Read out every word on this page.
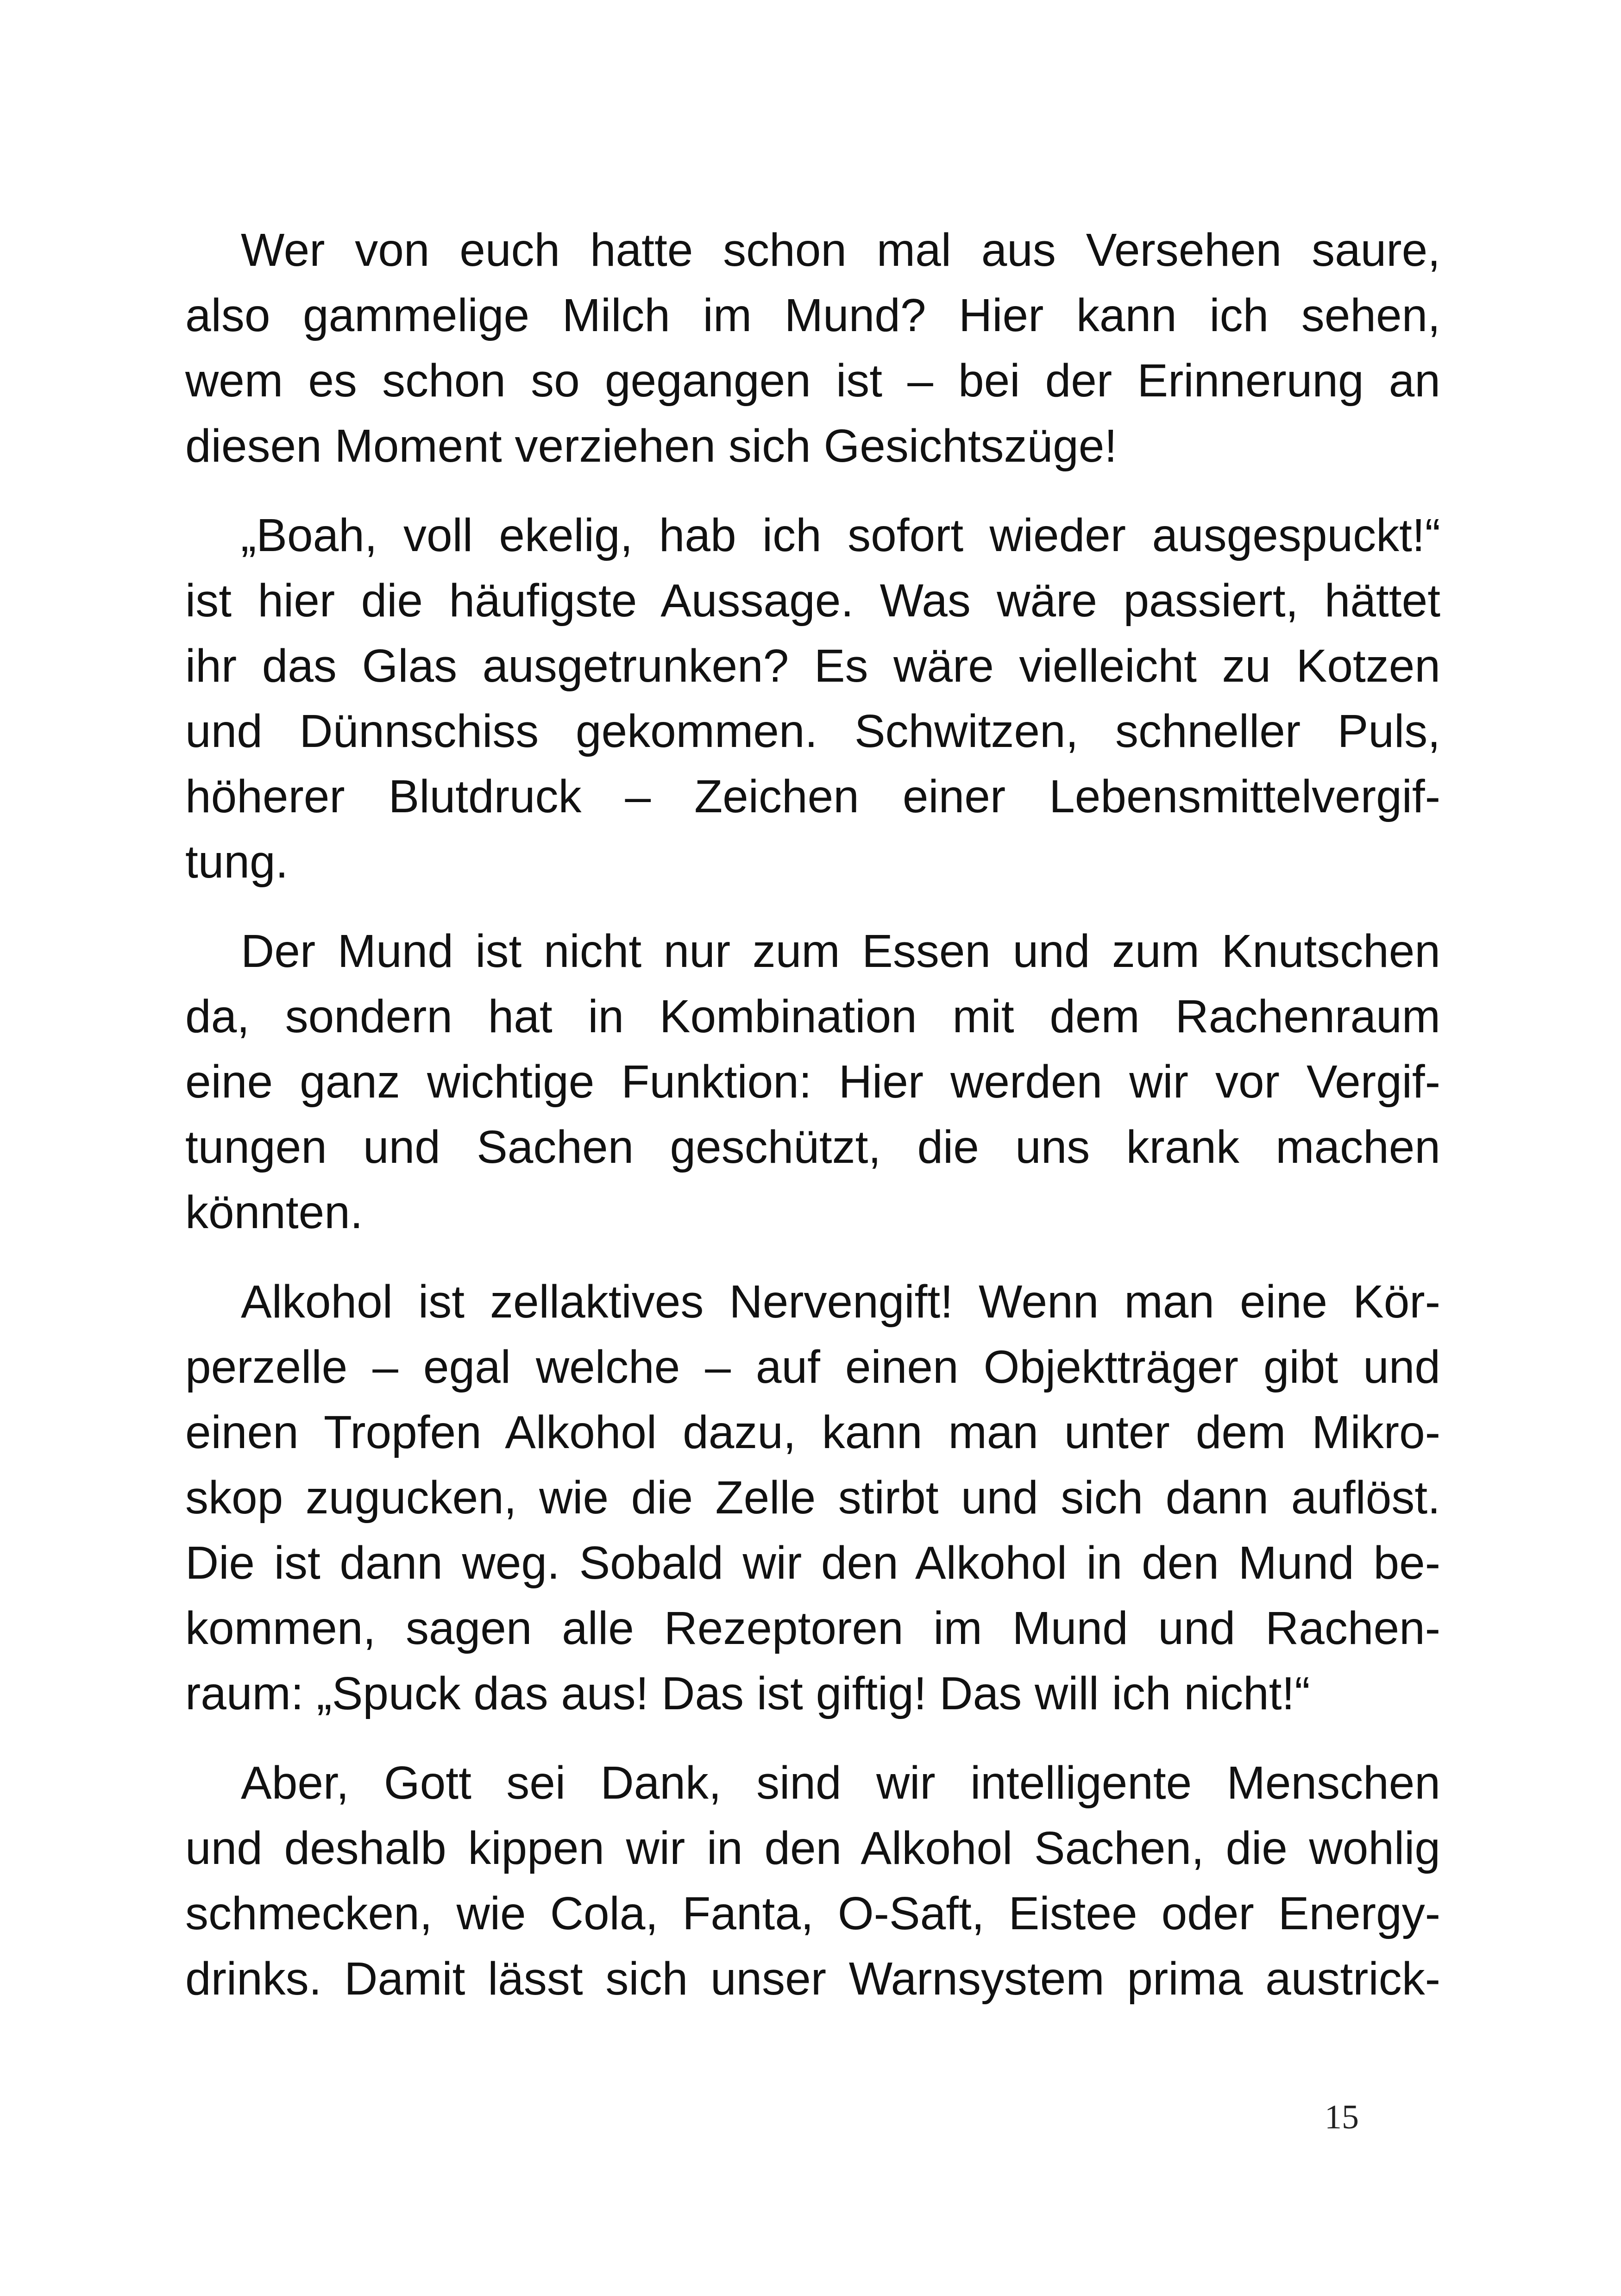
Wer von euch hatte schon mal aus Versehen saure,
also gammelige Milch im Mund? Hier kann ich sehen,
wem es schon so gegangen ist – bei der Erinnerung an
diesen Moment verziehen sich Gesichtszüge!
„Boah, voll ekelig, hab ich sofort wieder ausgespuckt!“
ist hier die häufigste Aussage. Was wäre passiert, hättet
ihr das Glas ausgetrunken? Es wäre vielleicht zu Kotzen
und Dünnschiss gekommen. Schwitzen, schneller Puls,
höherer Blutdruck – Zeichen einer Lebensmittelvergif-
tung.
Der Mund ist nicht nur zum Essen und zum Knutschen
da, sondern hat in Kombination mit dem Rachenraum
eine ganz wichtige Funktion: Hier werden wir vor Vergif-
tungen und Sachen geschützt, die uns krank machen
könnten.
Alkohol ist zellaktives Nervengift! Wenn man eine Kör-
perzelle – egal welche – auf einen Objektträger gibt und
einen Tropfen Alkohol dazu, kann man unter dem Mikro-
skop zugucken, wie die Zelle stirbt und sich dann auflöst.
Die ist dann weg. Sobald wir den Alkohol in den Mund be-
kommen, sagen alle Rezeptoren im Mund und Rachen-
raum: „Spuck das aus! Das ist giftig! Das will ich nicht!“
Aber, Gott sei Dank, sind wir intelligente Menschen
und deshalb kippen wir in den Alkohol Sachen, die wohlig
schmecken, wie Cola, Fanta, O-Saft, Eistee oder Energy-
drinks. Damit lässt sich unser Warnsystem prima austrick-
15
